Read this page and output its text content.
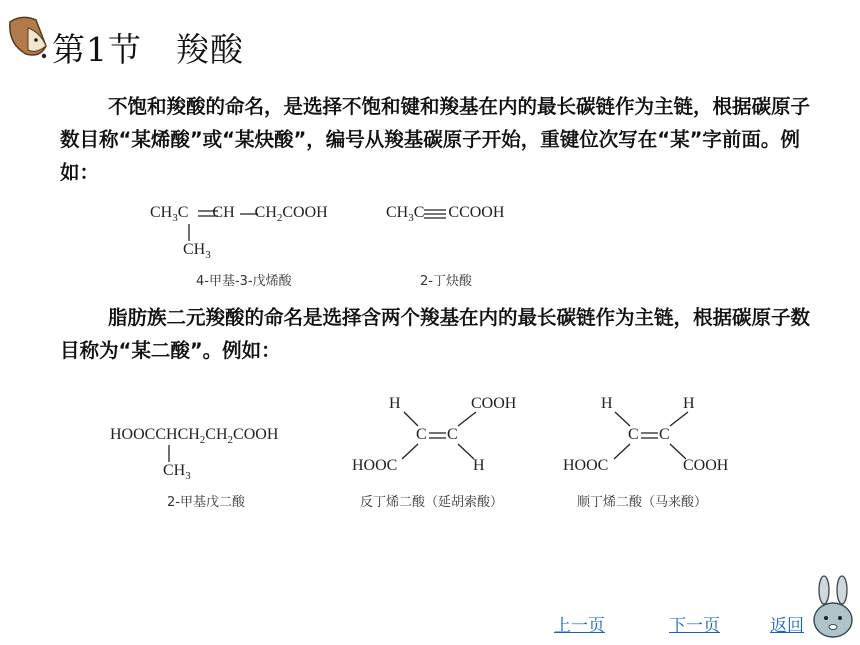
第1节　羧酸
不饱和羧酸的命名，是选择不饱和键和羧基在内的最长碳链作为主链，根据碳原子数目称“某烯酸”或“某炔酸”，编号从羧基碳原子开始，重键位次写在“某”字前面。例如：
$CH_3C$ CH $CH_2COOH$
$CH_3$
4-甲基-3-戊烯酸
$CH_3C$ CCOOH
2-丁炔酸
脂肪族二元羧酸的命名是选择含两个羧基在内的最长碳链作为主链，根据碳原子数目称为“某二酸”。例如：
$HOOCCHCH_2CH_2COOH$
$CH_3$
2-甲基戊二酸
H	COOH
C C
HOOC	H
反丁烯二酸（延胡索酸）
H	H
C C
HOOC	COOH
顺丁烯二酸（马来酸）
上一页	下一页	返回
